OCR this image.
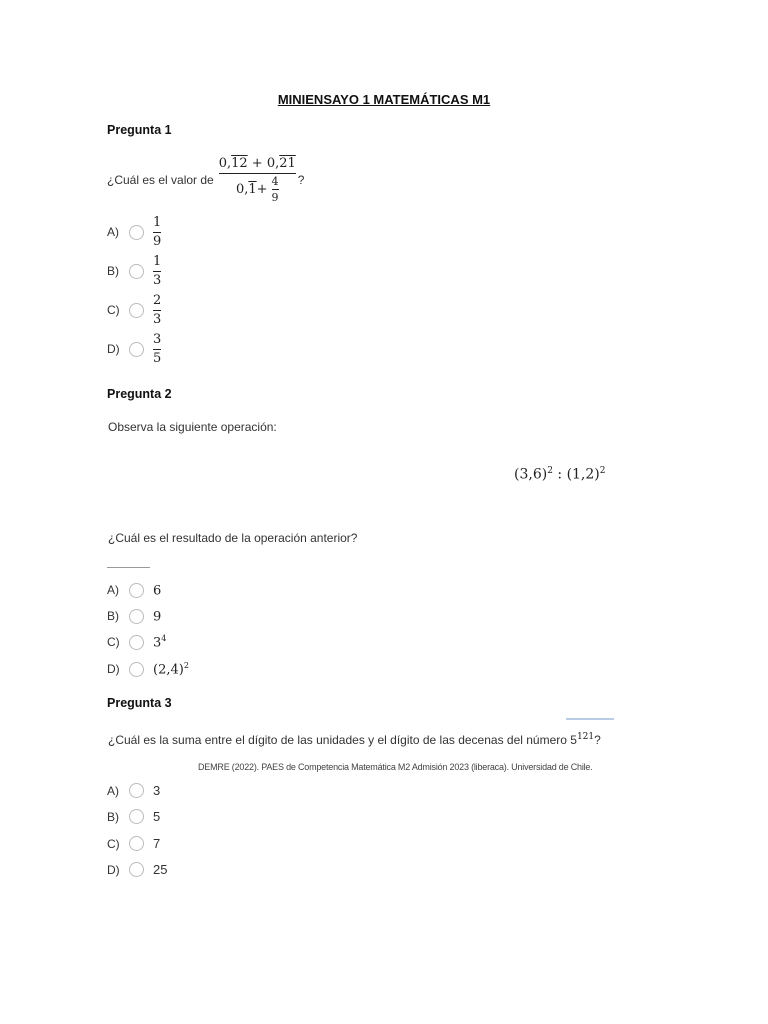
MINIENSAYO 1 MATEMÁTICAS M1
Pregunta 1
¿Cuál es el valor de $\frac{0,12 + 0,21}{0, 1 + \frac{4}{9}}$ ?
A)	$\frac{1}{9}$
B)	$\frac{1}{3}$
C)	$\frac{2}{3}$
D)	$\frac{3}{5}$
Pregunta 2
Observa la siguiente operación:
$(3,6)^2$ : $(1,2)^2$
¿Cuál es el resultado de la operación anterior?
A)	6
B)	9
C)	$3^4$
D)	$(2,4)^2$
Pregunta 3
¿Cuál es la suma entre el dígito de las unidades y el dígito de las decenas del número $5^{121}$?
DEMRE (2022). PAES de Competencia Matemática M2 Admisión 2023 (liberaca). Universidad de Chile.
A)	3
B)	5
C)	7
D)	25
